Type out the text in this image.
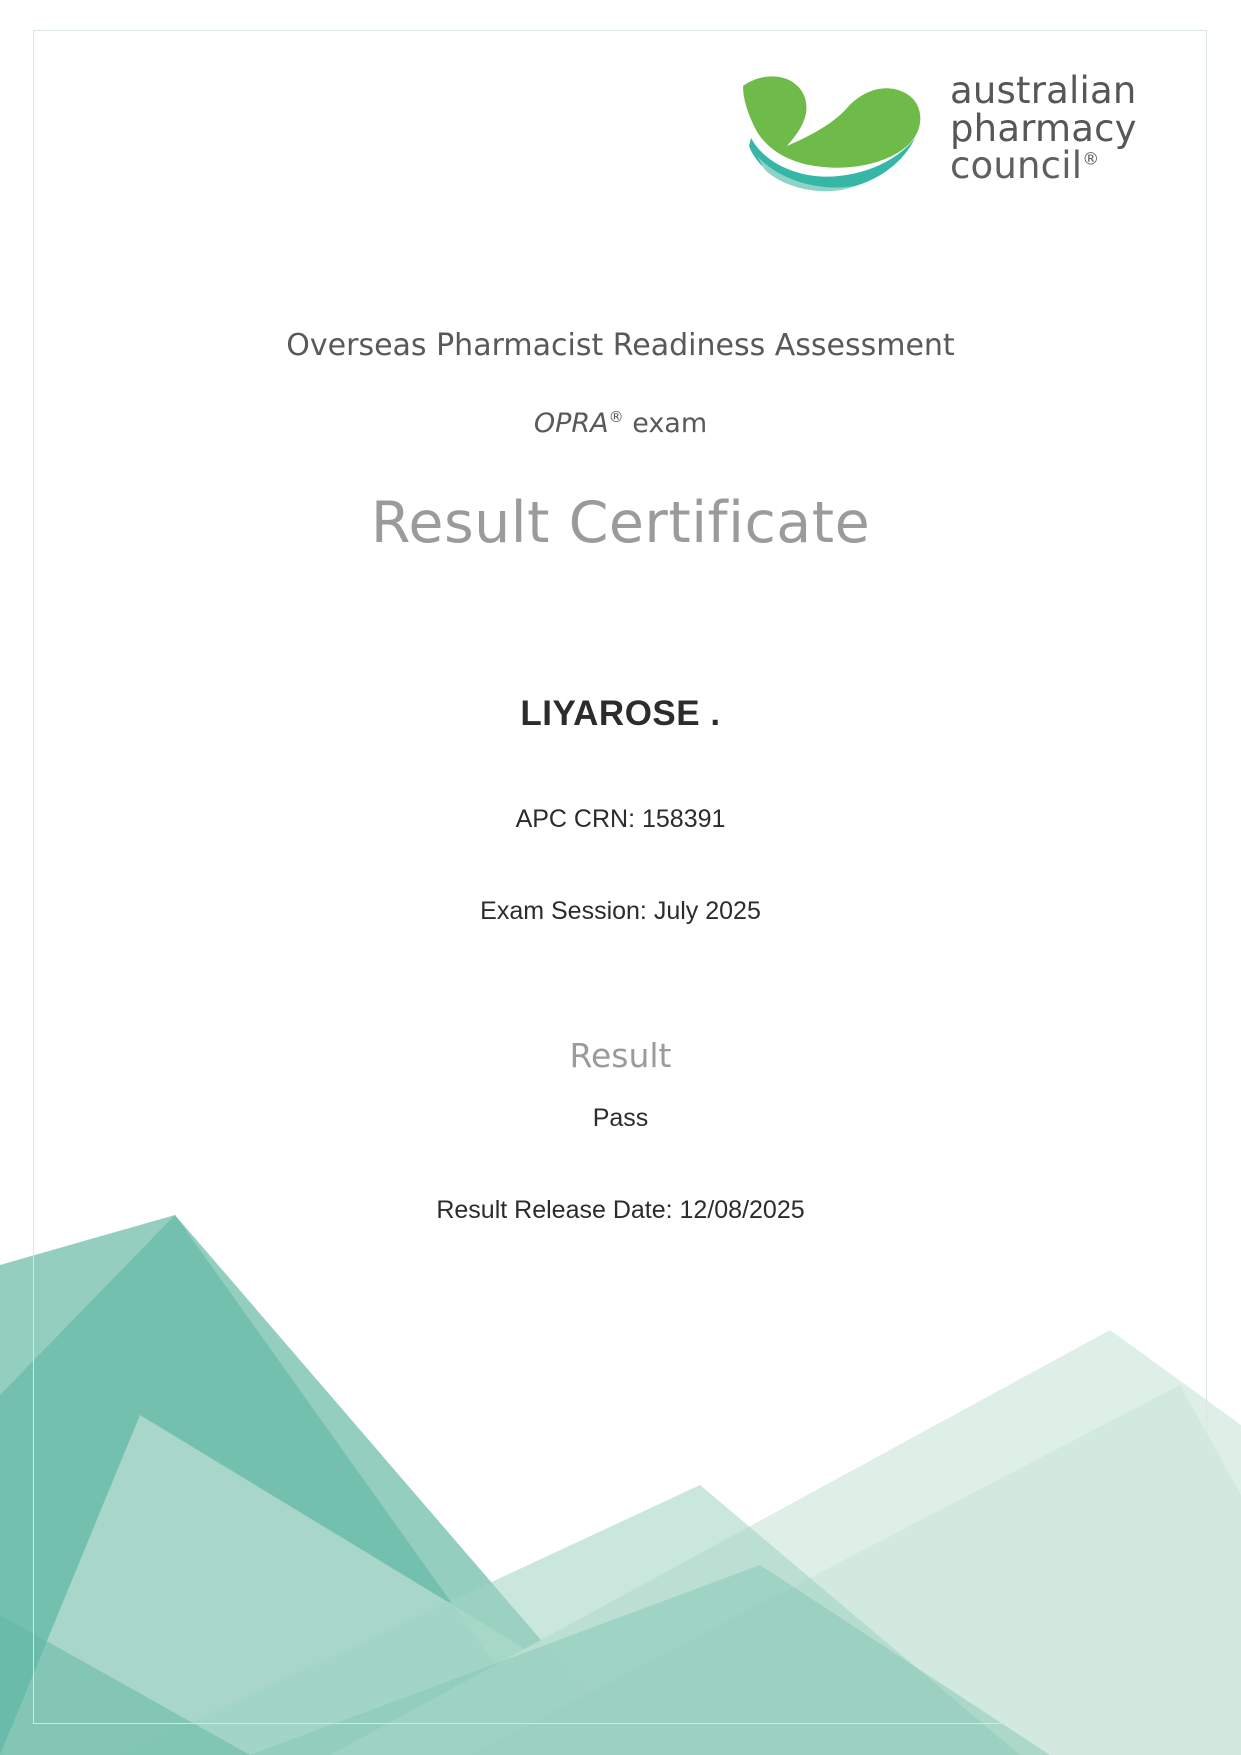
australian
pharmacy
council®
Overseas Pharmacist Readiness Assessment
OPRA® exam
Result Certificate
LIYAROSE .
APC CRN: 158391
Exam Session: July 2025
Result
Pass
Result Release Date: 12/08/2025
